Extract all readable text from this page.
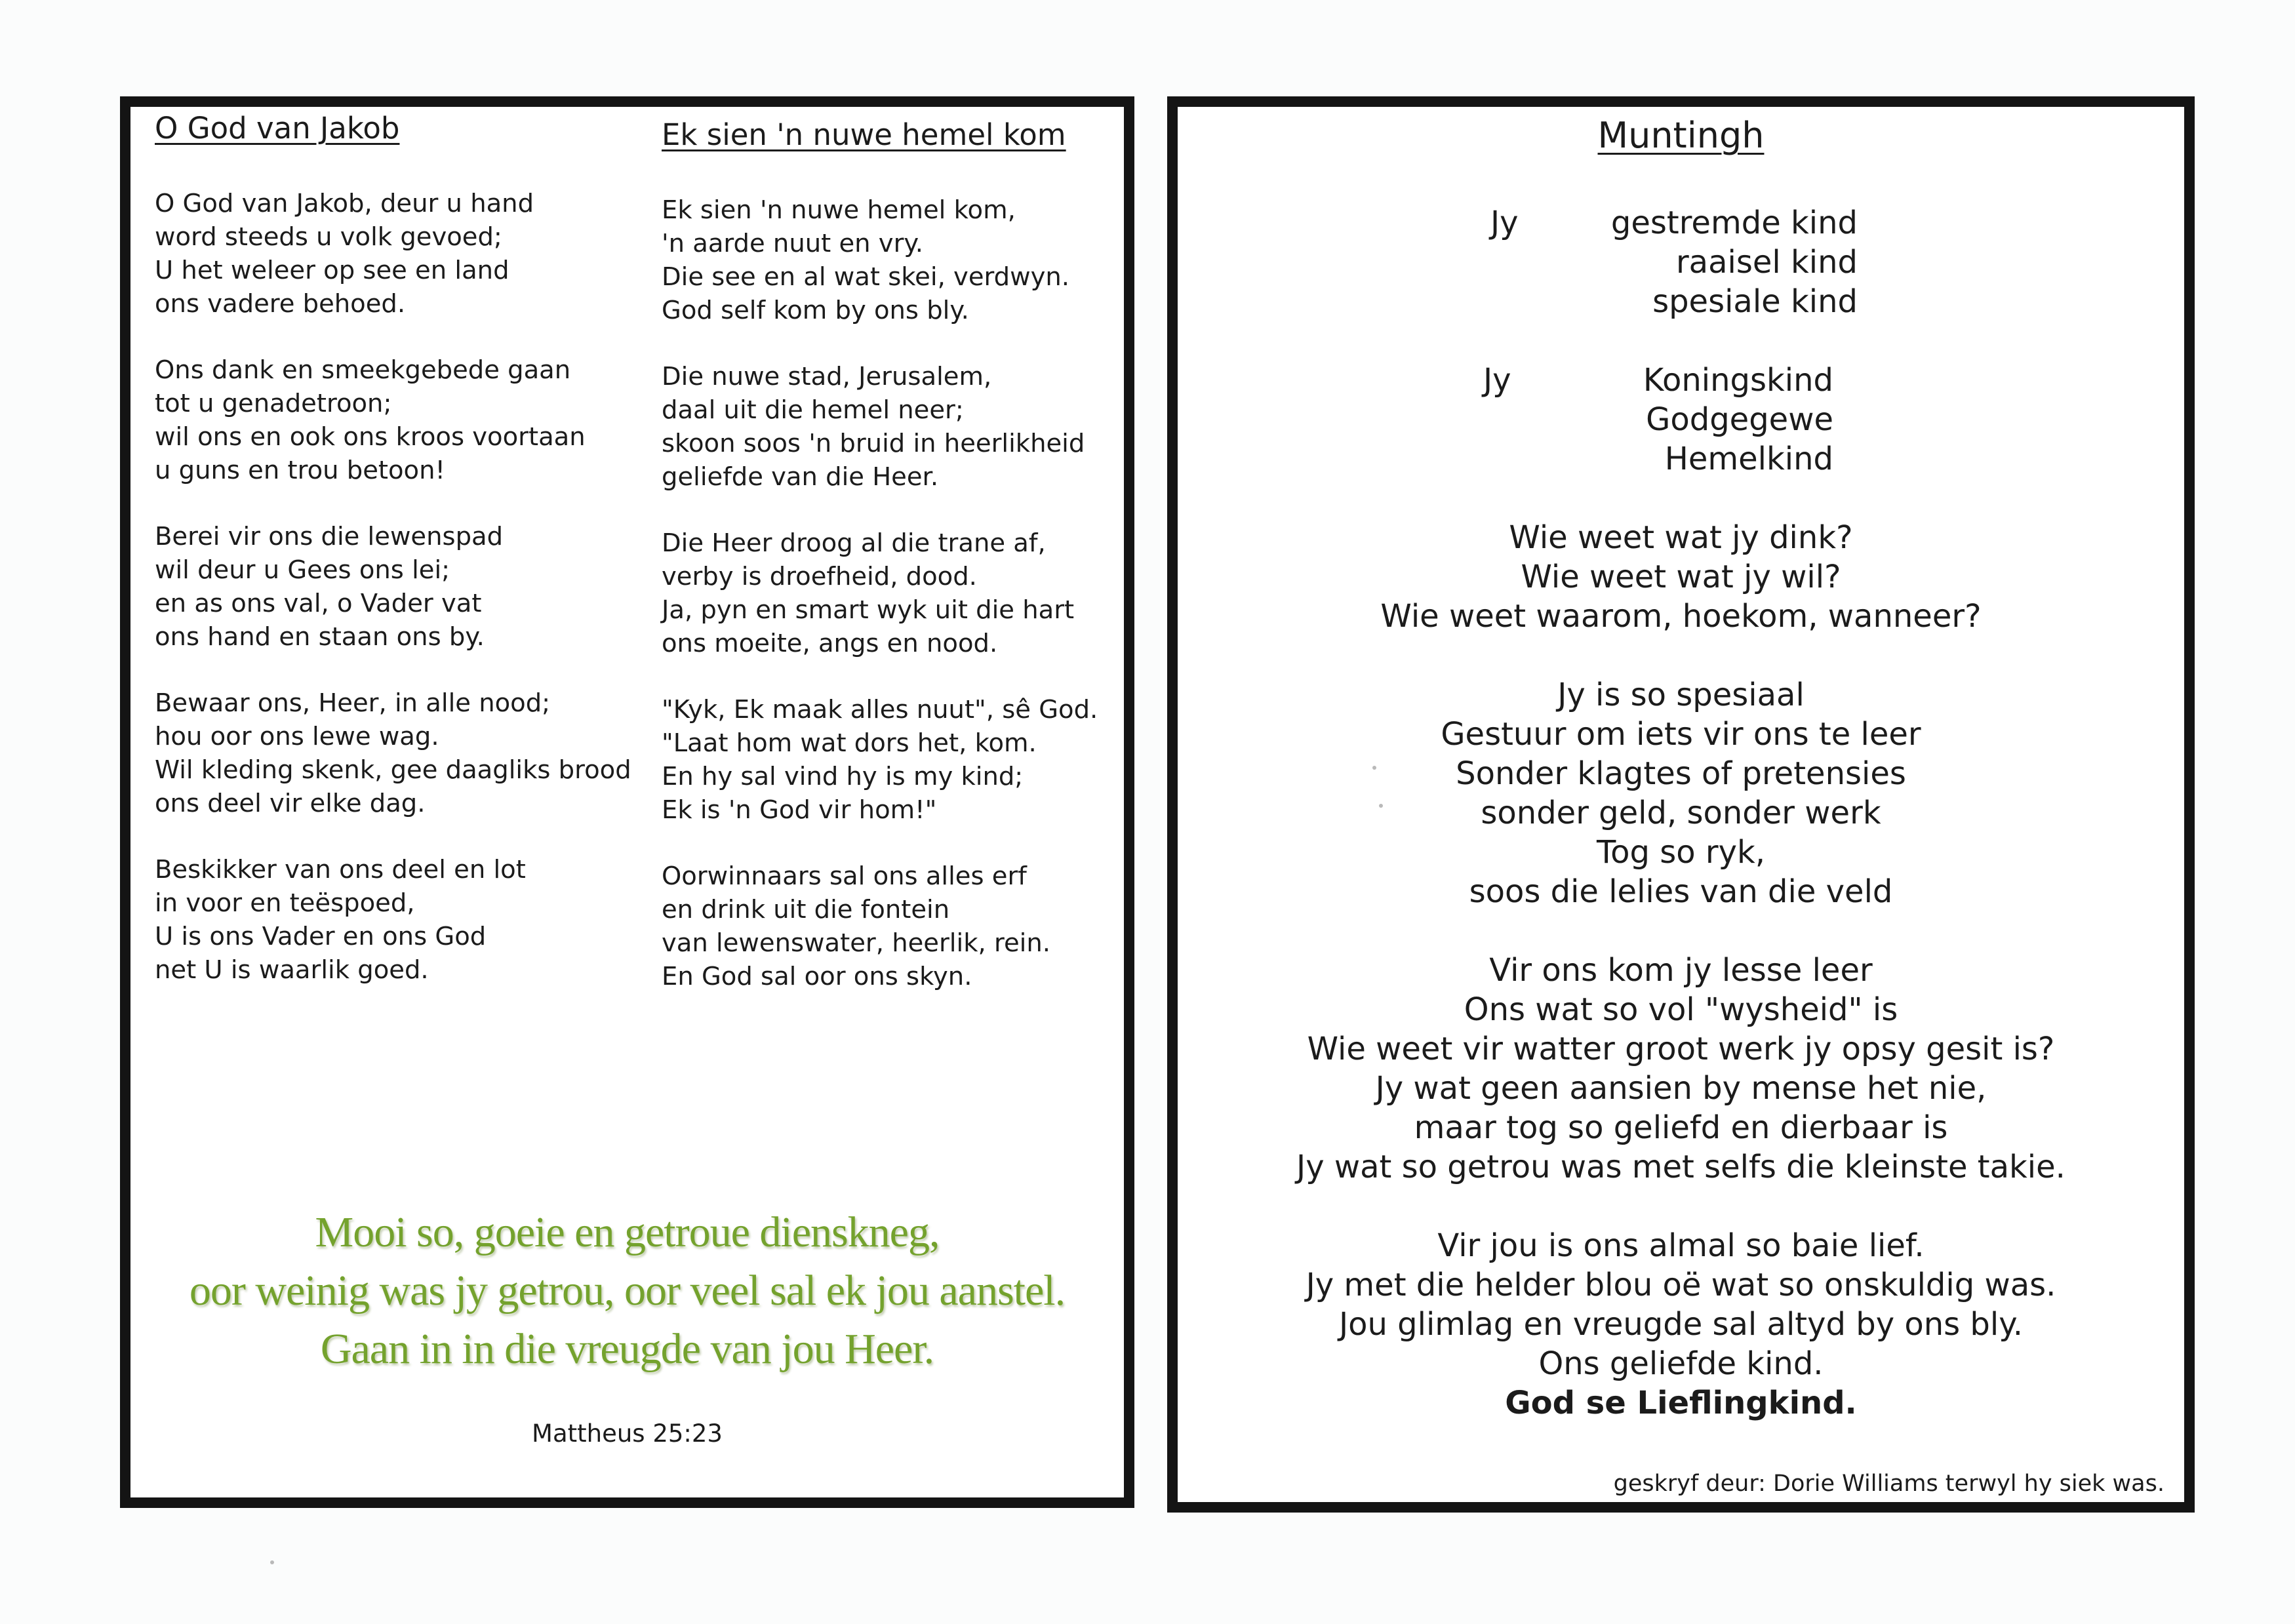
O God van Jakob
O God van Jakob, deur u hand
word steeds u volk gevoed;
U het weleer op see en land
ons vadere behoed.
Ons dank en smeekgebede gaan
tot u genadetroon;
wil ons en ook ons kroos voortaan
u guns en trou betoon!
Berei vir ons die lewenspad
wil deur u Gees ons lei;
en as ons val, o Vader vat
ons hand en staan ons by.
Bewaar ons, Heer, in alle nood;
hou oor ons lewe wag.
Wil kleding skenk, gee daagliks brood
ons deel vir elke dag.
Beskikker van ons deel en lot
in voor en teëspoed,
U is ons Vader en ons God
net U is waarlik goed.
Ek sien 'n nuwe hemel kom
Ek sien 'n nuwe hemel kom,
'n aarde nuut en vry.
Die see en al wat skei, verdwyn.
God self kom by ons bly.
Die nuwe stad, Jerusalem,
daal uit die hemel neer;
skoon soos 'n bruid in heerlikheid
geliefde van die Heer.
Die Heer droog al die trane af,
verby is droefheid, dood.
Ja, pyn en smart wyk uit die hart
ons moeite, angs en nood.
"Kyk, Ek maak alles nuut", sê God.
"Laat hom wat dors het, kom.
En hy sal vind hy is my kind;
Ek is 'n God vir hom!"
Oorwinnaars sal ons alles erf
en drink uit die fontein
van lewenswater, heerlik, rein.
En God sal oor ons skyn.
Mooi so, goeie en getroue dienskneg,
oor weinig was jy getrou, oor veel sal ek jou aanstel.
Gaan in in die vreugde van jou Heer.
Mattheus 25:23
Muntingh
Jy	gestremde kind
raaisel kind
spesiale kind
Jy	Koningskind
Godgegewe
Hemelkind
Wie weet wat jy dink?
Wie weet wat jy wil?
Wie weet waarom, hoekom, wanneer?
Jy is so spesiaal
Gestuur om iets vir ons te leer
Sonder klagtes of pretensies
sonder geld, sonder werk
Tog so ryk,
soos die lelies van die veld
Vir ons kom jy lesse leer
Ons wat so vol "wysheid" is
Wie weet vir watter groot werk jy opsy gesit is?
Jy wat geen aansien by mense het nie,
maar tog so geliefd en dierbaar is
Jy wat so getrou was met selfs die kleinste takie.
Vir jou is ons almal so baie lief.
Jy met die helder blou oë wat so onskuldig was.
Jou glimlag en vreugde sal altyd by ons bly.
Ons geliefde kind.
God se Lieflingkind.
geskryf deur: Dorie Williams terwyl hy siek was.
